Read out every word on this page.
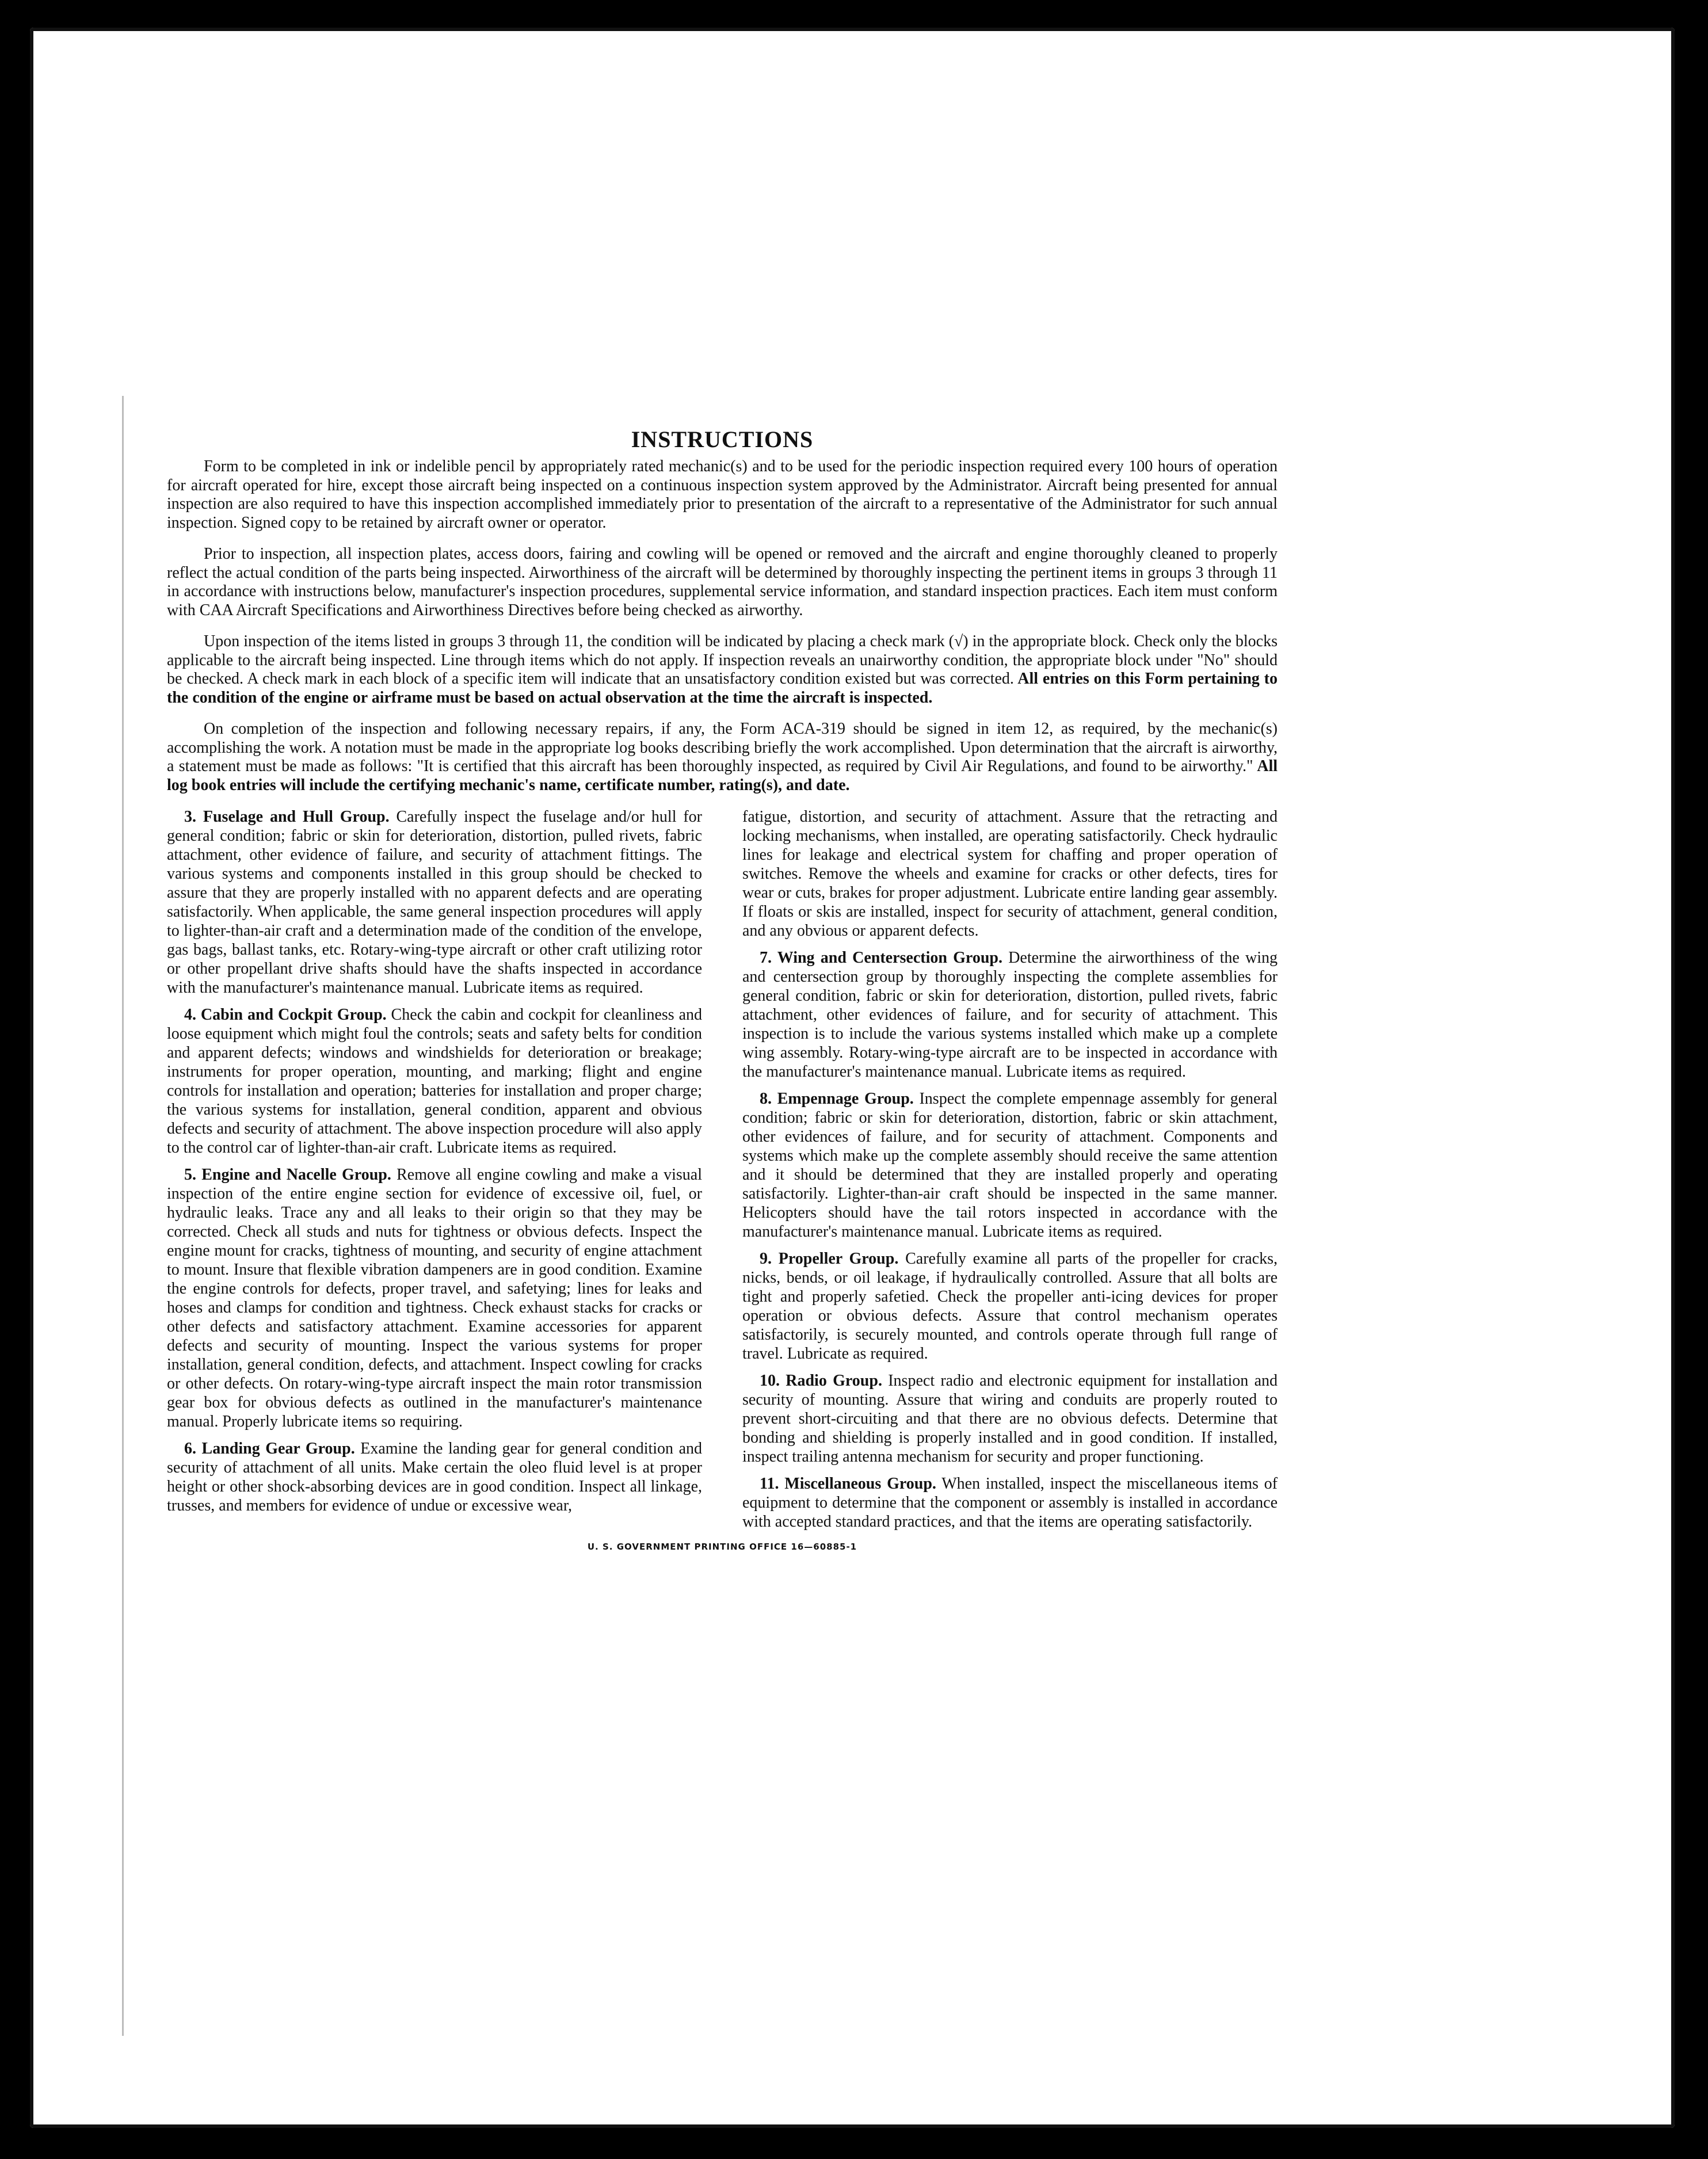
INSTRUCTIONS

Form to be completed in ink or indelible pencil by appropriately rated mechanic(s) and to be used for the periodic inspection required every 100 hours of operation for aircraft operated for hire, except those aircraft being inspected on a continuous inspection system approved by the Administrator. Aircraft being presented for annual inspection are also required to have this inspection accomplished immediately prior to presentation of the aircraft to a representative of the Administrator for such annual inspection. Signed copy to be retained by aircraft owner or operator.

Prior to inspection, all inspection plates, access doors, fairing and cowling will be opened or removed and the aircraft and engine thoroughly cleaned to properly reflect the actual condition of the parts being inspected. Airworthiness of the aircraft will be determined by thoroughly inspecting the pertinent items in groups 3 through 11 in accordance with instructions below, manufacturer's inspection procedures, supplemental service information, and standard inspection practices. Each item must conform with CAA Aircraft Specifications and Airworthiness Directives before being checked as airworthy.

Upon inspection of the items listed in groups 3 through 11, the condition will be indicated by placing a check mark (√) in the appropriate block. Check only the blocks applicable to the aircraft being inspected. Line through items which do not apply. If inspection reveals an unairworthy condition, the appropriate block under "No" should be checked. A check mark in each block of a specific item will indicate that an unsatisfactory condition existed but was corrected. All entries on this Form pertaining to the condition of the engine or airframe must be based on actual observation at the time the aircraft is inspected.

On completion of the inspection and following necessary repairs, if any, the Form ACA-319 should be signed in item 12, as required, by the mechanic(s) accomplishing the work. A notation must be made in the appropriate log books describing briefly the work accomplished. Upon determination that the aircraft is airworthy, a statement must be made as follows: "It is certified that this aircraft has been thoroughly inspected, as required by Civil Air Regulations, and found to be airworthy." All log book entries will include the certifying mechanic's name, certificate number, rating(s), and date.

3. Fuselage and Hull Group. Carefully inspect the fuselage and/or hull for general condition; fabric or skin for deterioration, distortion, pulled rivets, fabric attachment, other evidence of failure, and security of attachment fittings. The various systems and components installed in this group should be checked to assure that they are properly installed with no apparent defects and are operating satisfactorily. When applicable, the same general inspection procedures will apply to lighter-than-air craft and a determination made of the condition of the envelope, gas bags, ballast tanks, etc. Rotary-wing-type aircraft or other craft utilizing rotor or other propellant drive shafts should have the shafts inspected in accordance with the manufacturer's maintenance manual. Lubricate items as required.

4. Cabin and Cockpit Group. Check the cabin and cockpit for cleanliness and loose equipment which might foul the controls; seats and safety belts for condition and apparent defects; windows and windshields for deterioration or breakage; instruments for proper operation, mounting, and marking; flight and engine controls for installation and operation; batteries for installation and proper charge; the various systems for installation, general condition, apparent and obvious defects and security of attachment. The above inspection procedure will also apply to the control car of lighter-than-air craft. Lubricate items as required.

5. Engine and Nacelle Group. Remove all engine cowling and make a visual inspection of the entire engine section for evidence of excessive oil, fuel, or hydraulic leaks. Trace any and all leaks to their origin so that they may be corrected. Check all studs and nuts for tightness or obvious defects. Inspect the engine mount for cracks, tightness of mounting, and security of engine attachment to mount. Insure that flexible vibration dampeners are in good condition. Examine the engine controls for defects, proper travel, and safetying; lines for leaks and hoses and clamps for condition and tightness. Check exhaust stacks for cracks or other defects and satisfactory attachment. Examine accessories for apparent defects and security of mounting. Inspect the various systems for proper installation, general condition, defects, and attachment. Inspect cowling for cracks or other defects. On rotary-wing-type aircraft inspect the main rotor transmission gear box for obvious defects as outlined in the manufacturer's maintenance manual. Properly lubricate items so requiring.

6. Landing Gear Group. Examine the landing gear for general condition and security of attachment of all units. Make certain the oleo fluid level is at proper height or other shock-absorbing devices are in good condition. Inspect all linkage, trusses, and members for evidence of undue or excessive wear,

fatigue, distortion, and security of attachment. Assure that the retracting and locking mechanisms, when installed, are operating satisfactorily. Check hydraulic lines for leakage and electrical system for chaffing and proper operation of switches. Remove the wheels and examine for cracks or other defects, tires for wear or cuts, brakes for proper adjustment. Lubricate entire landing gear assembly. If floats or skis are installed, inspect for security of attachment, general condition, and any obvious or apparent defects.

7. Wing and Centersection Group. Determine the airworthiness of the wing and centersection group by thoroughly inspecting the complete assemblies for general condition, fabric or skin for deterioration, distortion, pulled rivets, fabric attachment, other evidences of failure, and for security of attachment. This inspection is to include the various systems installed which make up a complete wing assembly. Rotary-wing-type aircraft are to be inspected in accordance with the manufacturer's maintenance manual. Lubricate items as required.

8. Empennage Group. Inspect the complete empennage assembly for general condition; fabric or skin for deterioration, distortion, fabric or skin attachment, other evidences of failure, and for security of attachment. Components and systems which make up the complete assembly should receive the same attention and it should be determined that they are installed properly and operating satisfactorily. Lighter-than-air craft should be inspected in the same manner. Helicopters should have the tail rotors inspected in accordance with the manufacturer's maintenance manual. Lubricate items as required.

9. Propeller Group. Carefully examine all parts of the propeller for cracks, nicks, bends, or oil leakage, if hydraulically controlled. Assure that all bolts are tight and properly safetied. Check the propeller anti-icing devices for proper operation or obvious defects. Assure that control mechanism operates satisfactorily, is securely mounted, and controls operate through full range of travel. Lubricate as required.

10. Radio Group. Inspect radio and electronic equipment for installation and security of mounting. Assure that wiring and conduits are properly routed to prevent short-circuiting and that there are no obvious defects. Determine that bonding and shielding is properly installed and in good condition. If installed, inspect trailing antenna mechanism for security and proper functioning.

11. Miscellaneous Group. When installed, inspect the miscellaneous items of equipment to determine that the component or assembly is installed in accordance with accepted standard practices, and that the items are operating satisfactorily.

U. S. GOVERNMENT PRINTING OFFICE 16—60885-1
